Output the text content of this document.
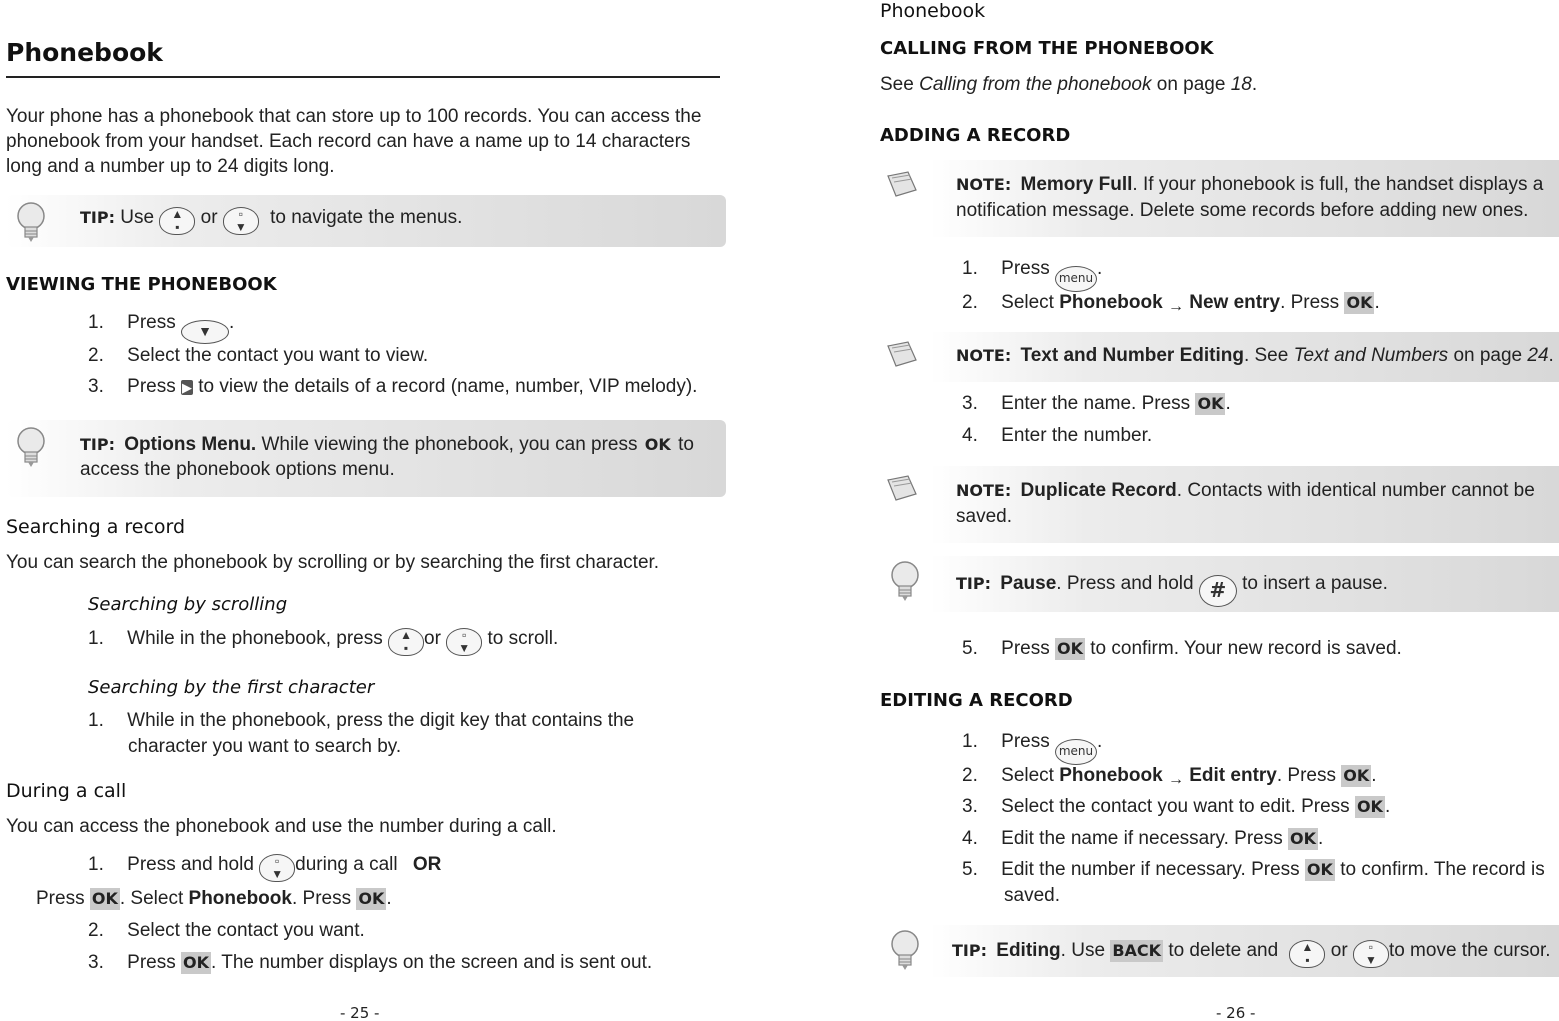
Phonebook
Your phone has a phonebook that can store up to 100 records. You can access the phonebook from your handset. Each record can have a name up to 14 characters long and a number up to 24 digits long.
TIP: Use ▲
▪ or ▫
▼ to navigate the menus.
VIEWING THE PHONEBOOK
1. Press ▼ .
2. Select the contact you want to view.
3. Press ▶ to view the details of a record (name, number, VIP melody).
TIP: Options Menu. While viewing the phonebook, you can press OK to
access the phonebook options menu.
Searching a record
You can search the phonebook by scrolling or by searching the first character.
Searching by scrolling
1. While in the phonebook, press ▲
▪ or ▫
▼ to scroll.
Searching by the first character
1. While in the phonebook, press the digit key that contains the
character you want to search by.
During a call
You can access the phonebook and use the number during a call.
1. Press and hold ▫
▼ during a call OR
Press OK . Select Phonebook. Press OK .
2. Select the contact you want.
3. Press OK . The number displays on the screen and is sent out.
- 25 -
Phonebook
CALLING FROM THE PHONEBOOK
See Calling from the phonebook on page 18.
ADDING A RECORD
NOTE: Memory Full. If your phonebook is full, the handset displays a
notification message. Delete some records before adding new ones.
1. Press menu .
2. Select Phonebook → New entry. Press OK .
NOTE: Text and Number Editing. See Text and Numbers on page 24.
3. Enter the name. Press OK .
4. Enter the number.
NOTE: Duplicate Record. Contacts with identical number cannot be
saved.
TIP: Pause. Press and hold # to insert a pause.
5. Press OK to confirm. Your new record is saved.
EDITING A RECORD
1. Press menu .
2. Select Phonebook → Edit entry. Press OK .
3. Select the contact you want to edit. Press OK .
4. Edit the name if necessary. Press OK .
5. Edit the number if necessary. Press OK to confirm. The record is
saved.
TIP: Editing. Use BACK to delete and ▲
▪ or ▫
▼ to move the cursor.
- 26 -
